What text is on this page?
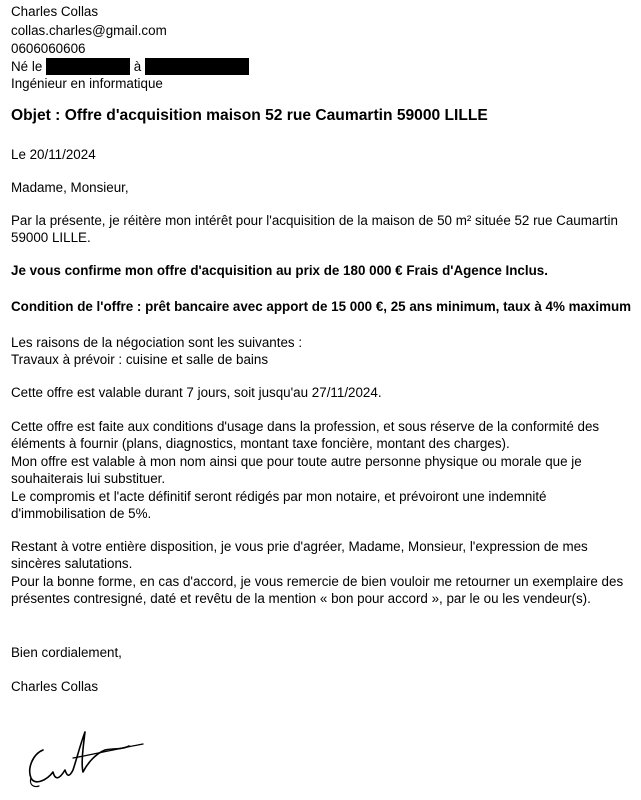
Charles Collas
collas.charles@gmail.com
0606060606
Né le	à
Ingénieur en informatique
Objet : Offre d'acquisition maison 52 rue Caumartin 59000 LILLE
Le 20/11/2024
Madame, Monsieur,
Par la présente, je réitère mon intérêt pour l'acquisition de la maison de 50 m² située 52 rue Caumartin 59000 LILLE.
Je vous confirme mon offre d'acquisition au prix de 180 000 € Frais d'Agence Inclus.
Condition de l'offre : prêt bancaire avec apport de 15 000 €, 25 ans minimum, taux à 4% maximum
Les raisons de la négociation sont les suivantes :
Travaux à prévoir : cuisine et salle de bains
Cette offre est valable durant 7 jours, soit jusqu'au 27/11/2024.
Cette offre est faite aux conditions d'usage dans la profession, et sous réserve de la conformité des éléments à fournir (plans, diagnostics, montant taxe foncière, montant des charges).
Mon offre est valable à mon nom ainsi que pour toute autre personne physique ou morale que je souhaiterais lui substituer.
Le compromis et l'acte définitif seront rédigés par mon notaire, et prévoiront une indemnité d'immobilisation de 5%.
Restant à votre entière disposition, je vous prie d'agréer, Madame, Monsieur, l'expression de mes sincères salutations.
Pour la bonne forme, en cas d'accord, je vous remercie de bien vouloir me retourner un exemplaire des présentes contresigné, daté et revêtu de la mention « bon pour accord », par le ou les vendeur(s).
Bien cordialement,
Charles Collas
